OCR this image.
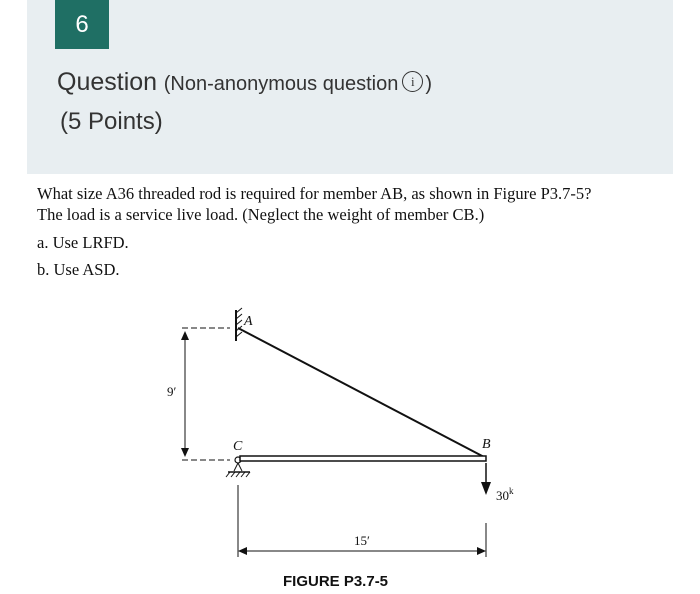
6
Question (Non-anonymous question i )
(5 Points)
What size A36 threaded rod is required for member AB, as shown in Figure P3.7-5?
The load is a service live load. (Neglect the weight of member CB.)
a. Use LRFD.
b. Use ASD.
A
9′
C	B
30$^k$
15′
FIGURE P3.7-5
